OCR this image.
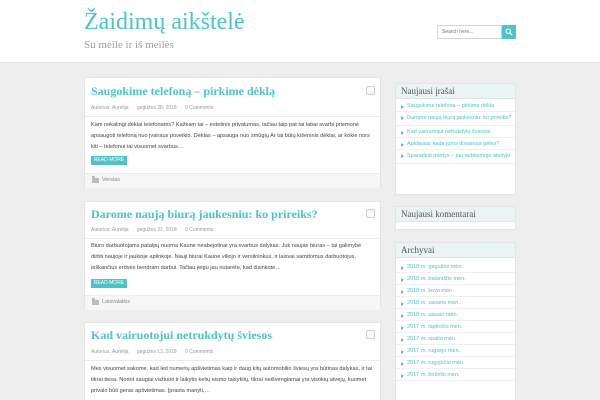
Žaidimų aikštelė
Su meile ir iš meilės
Search here...
Saugokime telefoną – pirkime dėklą
Autorius: Aurelija gegužės 28, 2018 0 Comments
Kam reikalingi dėklai telefonams? Kažkam tai – estetinis privalumas, tačiau taip pat tai labai svarbi priemonė apsaugoti telefoną nuo įvairaus poveikio. Dėklas – apsauga nuo smūgių Ar tai būtų kišeninis dėklai, ar kokie nors kiti – telefonui tai visuomet svarbus…
READ MORE
Verslas
Darome naują biurą jaukesniu: ko prireiks?
Autorius: Aurelija gegužės 22, 2018 0 Comments
Biuro darbuotojams patalpų nuoma Kaune neabejotinai yra svarbus dalykas. Juk naujas biuras – tai galimybė dirbti naujoje ir jaukioje aplinkoje. Nauji biurai Kaune viliojo ir verslininkus, ir laisvai samdomus darbuotojus, ieškančius erdvės bendram darbui. Tačiau jeigu jau nutarėte, kad išsinkote…
READ MORE
Laisvalaikis
Kad vairuotojui netrukdytų šviesos
Autorius: Aurelija gegužės 13, 2018 0 Comments
Mes visuomet sakome, kad led numerių apšvietimas kaip ir daug kitų automobilio šviesų yra būtinas dalykas, ir tai tikrai tiesa. Norint saugiai važiuoti ir laikytis kelių eismo taisyklių, tikrai neišvengiamai yra visokių atvejų, kuomet privalo būti geras apšvietimas. Įprasta manyti,…
Naujausi įrašai
Saugokime telefoną – pirkime dėklą
Darome naują biurą jaukesniu: ko prireiks?
Kad vairuotojui netrukdytų šviesos
Apklausa: kada jums dovanoja gėles?
Sparadinti dantys – jau nebtoimoje ateityje
Naujausi komentarai
Archyvai
2018 m. gegužės mėn.
2018 m. balandžio mėn.
2018 m. kovo mėn.
2018 m. vasario mėn.
2018 m. sausio mėn.
2017 m. lapkričio mėn.
2017 m. spalio mėn.
2017 m. rugsėjo mėn.
2017 m. rugpjūčio mėn.
2017 m. birželio mėn.
